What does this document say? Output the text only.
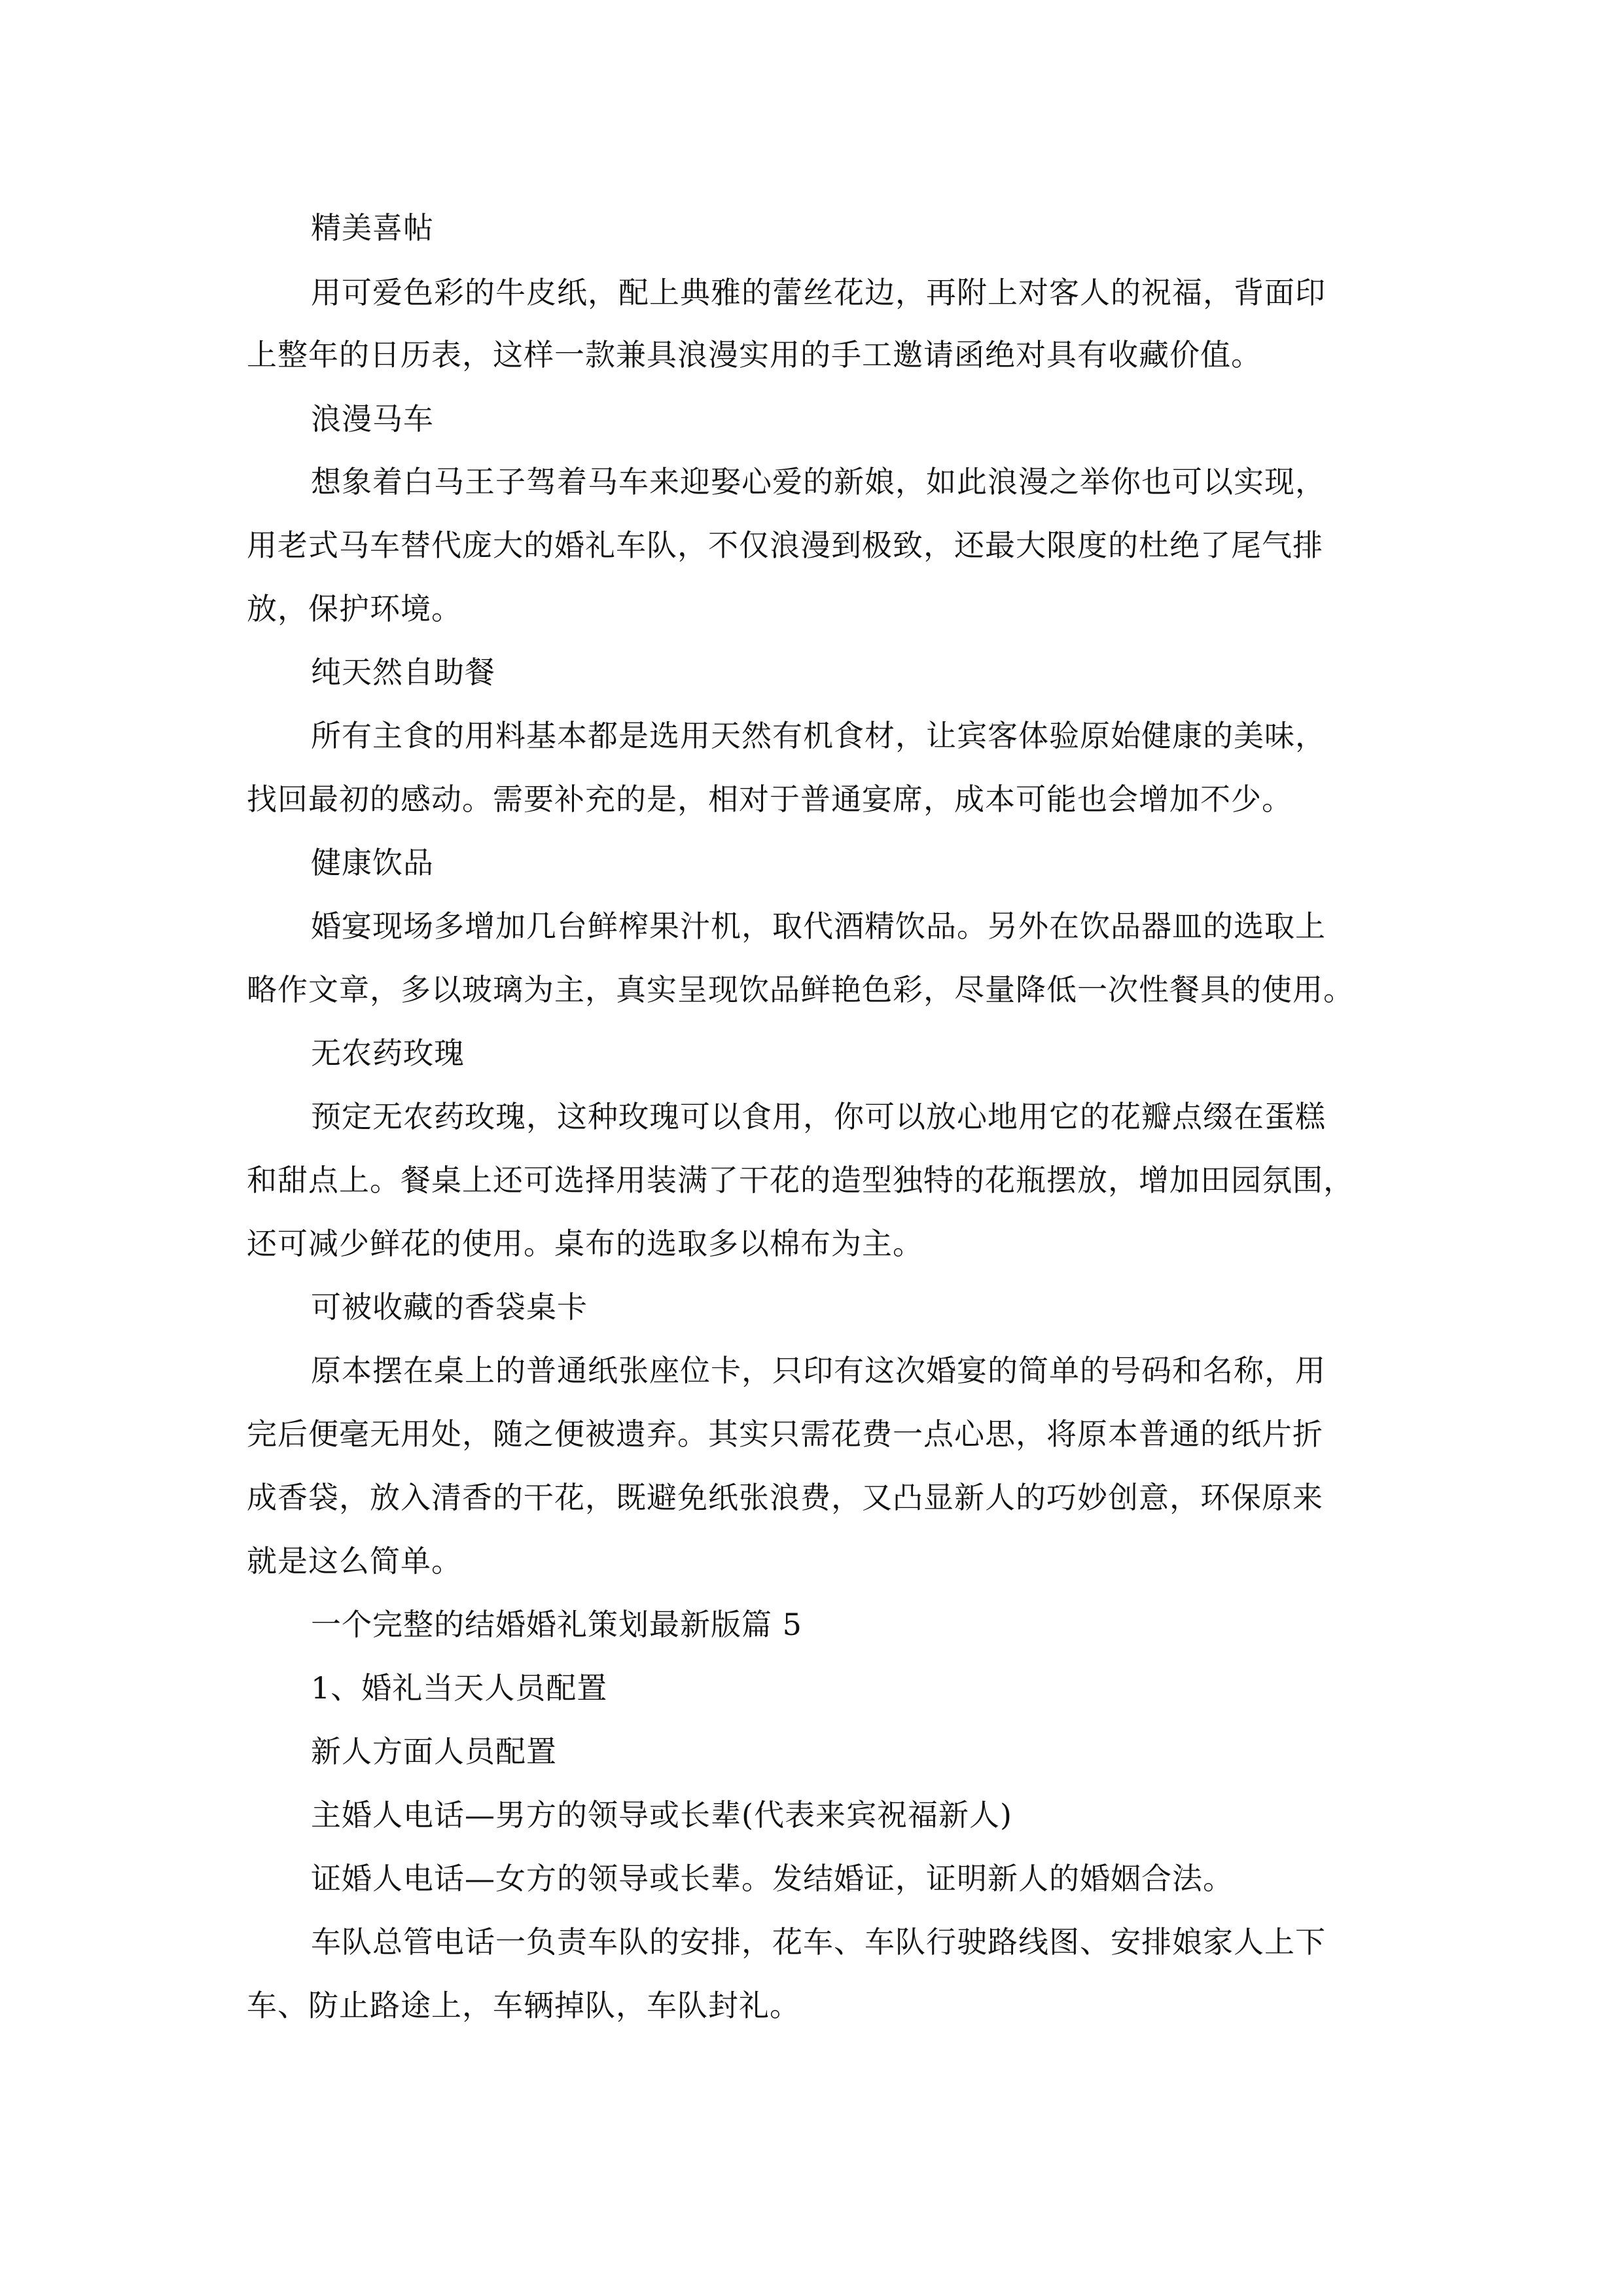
精美喜帖
用可爱色彩的牛皮纸，配上典雅的蕾丝花边，再附上对客人的祝福，背面印
上整年的日历表，这样一款兼具浪漫实用的手工邀请函绝对具有收藏价值。
浪漫马车
想象着白马王子驾着马车来迎娶心爱的新娘，如此浪漫之举你也可以实现，
用老式马车替代庞大的婚礼车队，不仅浪漫到极致，还最大限度的杜绝了尾气排
放，保护环境。
纯天然自助餐
所有主食的用料基本都是选用天然有机食材，让宾客体验原始健康的美味，
找回最初的感动。需要补充的是，相对于普通宴席，成本可能也会增加不少。
健康饮品
婚宴现场多增加几台鲜榨果汁机，取代酒精饮品。另外在饮品器皿的选取上
略作文章，多以玻璃为主，真实呈现饮品鲜艳色彩，尽量降低一次性餐具的使用。
无农药玫瑰
预定无农药玫瑰，这种玫瑰可以食用，你可以放心地用它的花瓣点缀在蛋糕
和甜点上。餐桌上还可选择用装满了干花的造型独特的花瓶摆放，增加田园氛围，
还可减少鲜花的使用。桌布的选取多以棉布为主。
可被收藏的香袋桌卡
原本摆在桌上的普通纸张座位卡，只印有这次婚宴的简单的号码和名称，用
完后便毫无用处，随之便被遗弃。其实只需花费一点心思，将原本普通的纸片折
成香袋，放入清香的干花，既避免纸张浪费，又凸显新人的巧妙创意，环保原来
就是这么简单。
一个完整的结婚婚礼策划最新版篇 5
1、婚礼当天人员配置
新人方面人员配置
主婚人电话—男方的领导或长辈(代表来宾祝福新人)
证婚人电话—女方的领导或长辈。发结婚证，证明新人的婚姻合法。
车队总管电话一负责车队的安排，花车、车队行驶路线图、安排娘家人上下
车、防止路途上，车辆掉队，车队封礼。
